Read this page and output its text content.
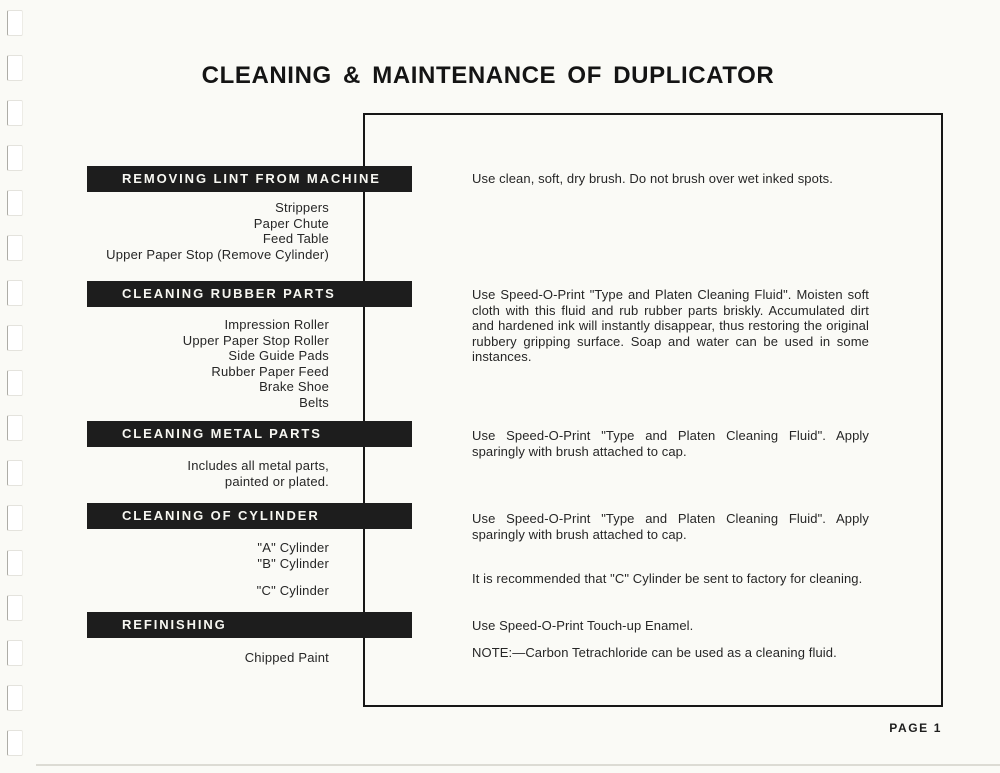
CLEANING & MAINTENANCE OF DUPLICATOR
REMOVING LINT FROM MACHINE
Strippers
Paper Chute
Feed Table
Upper Paper Stop (Remove Cylinder)
Use clean, soft, dry brush. Do not brush over wet inked spots.
CLEANING RUBBER PARTS
Impression Roller
Upper Paper Stop Roller
Side Guide Pads
Rubber Paper Feed
Brake Shoe
Belts
Use Speed-O-Print "Type and Platen Cleaning Fluid". Moisten soft cloth with this fluid and rub rubber parts briskly. Accumulated dirt and hardened ink will instantly disappear, thus restoring the original rubbery gripping surface. Soap and water can be used in some instances.
CLEANING METAL PARTS
Includes all metal parts,
painted or plated.
Use Speed-O-Print "Type and Platen Cleaning Fluid". Apply sparingly with brush attached to cap.
CLEANING OF CYLINDER
"A" Cylinder
"B" Cylinder
"C" Cylinder
Use Speed-O-Print "Type and Platen Cleaning Fluid". Apply sparingly with brush attached to cap.
It is recommended that "C" Cylinder be sent to factory for cleaning.
REFINISHING
Chipped Paint
Use Speed-O-Print Touch-up Enamel.
NOTE:—Carbon Tetrachloride can be used as a cleaning fluid.
PAGE 1
